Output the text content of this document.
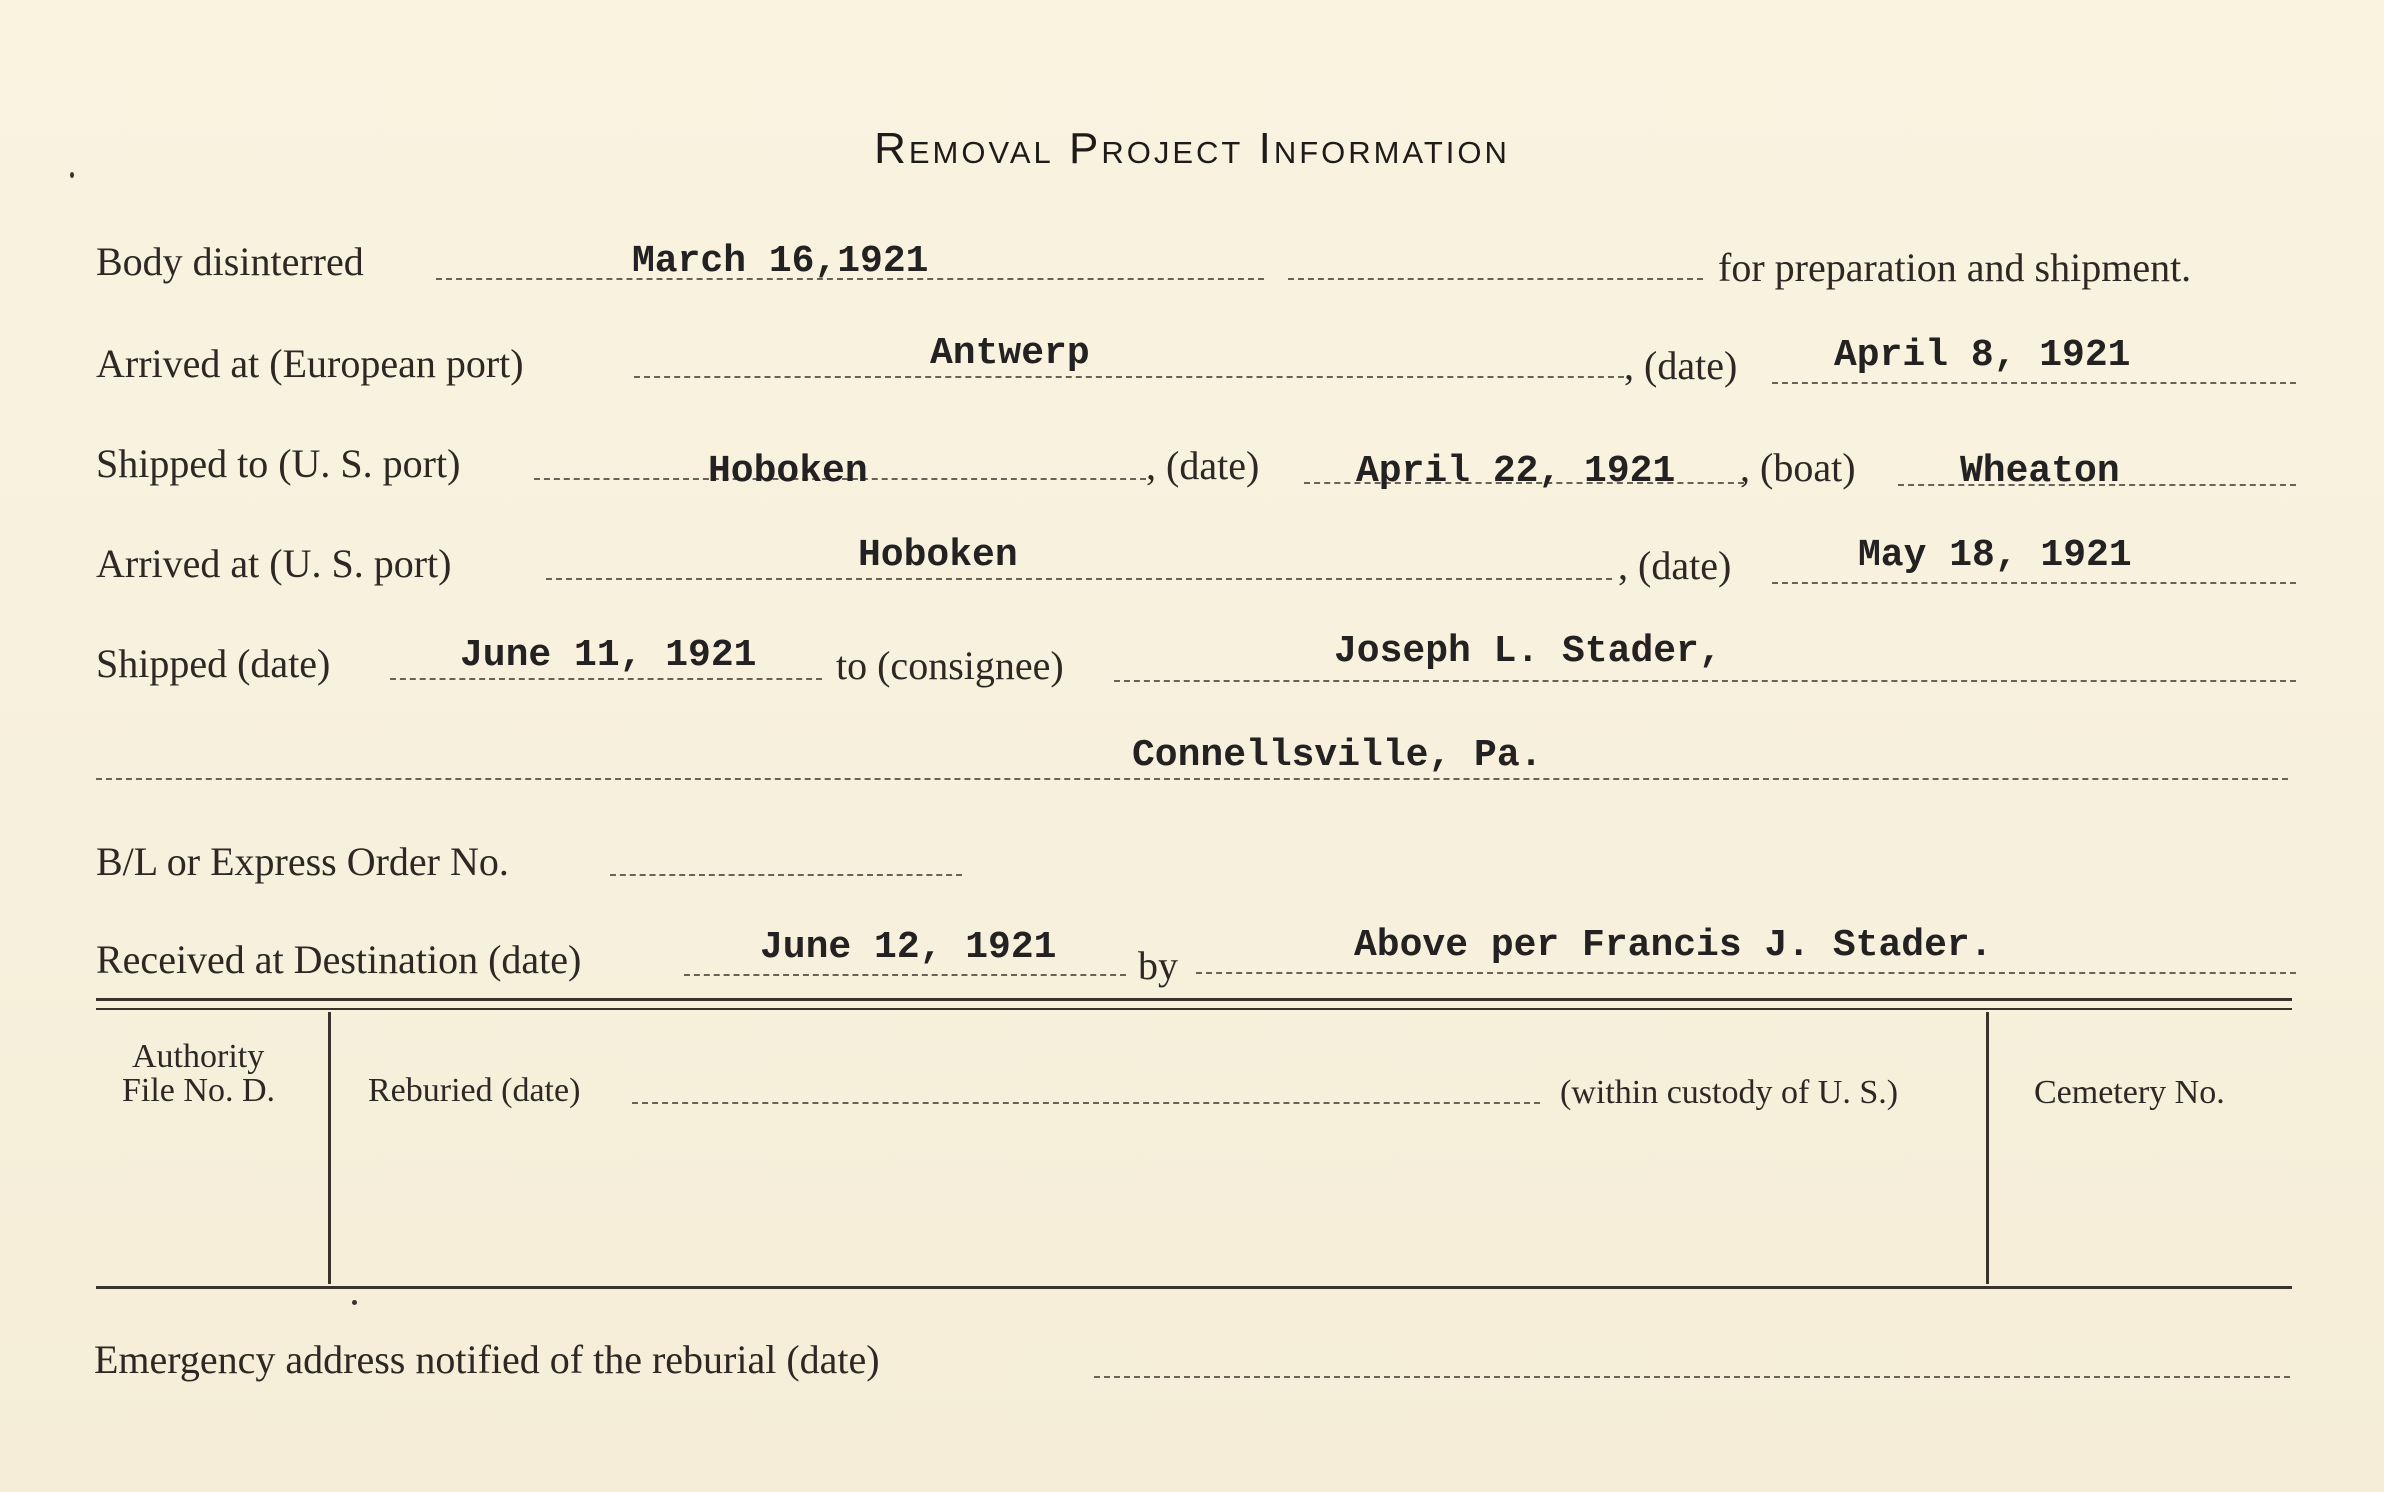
Removal Project Information
Body disinterred	March 16,1921	for preparation and shipment.
Arrived at (European port)	Antwerp	, (date)	April 8, 1921
Shipped to (U. S. port)	Hoboken	, (date)	April 22, 1921 , (boat)	Wheaton
Arrived at (U. S. port)	Hoboken	, (date)	May 18, 1921
Shipped (date)	June 11, 1921 to (consignee)	Joseph L. Stader,
Connellsville, Pa.
B/L or Express Order No.
Received at Destination (date)	June 12, 1921 by	Above per Francis J. Stader.
Authority
File No. D.	Reburied (date)	(within custody of U. S.)	Cemetery No.
Emergency address notified of the reburial (date)
